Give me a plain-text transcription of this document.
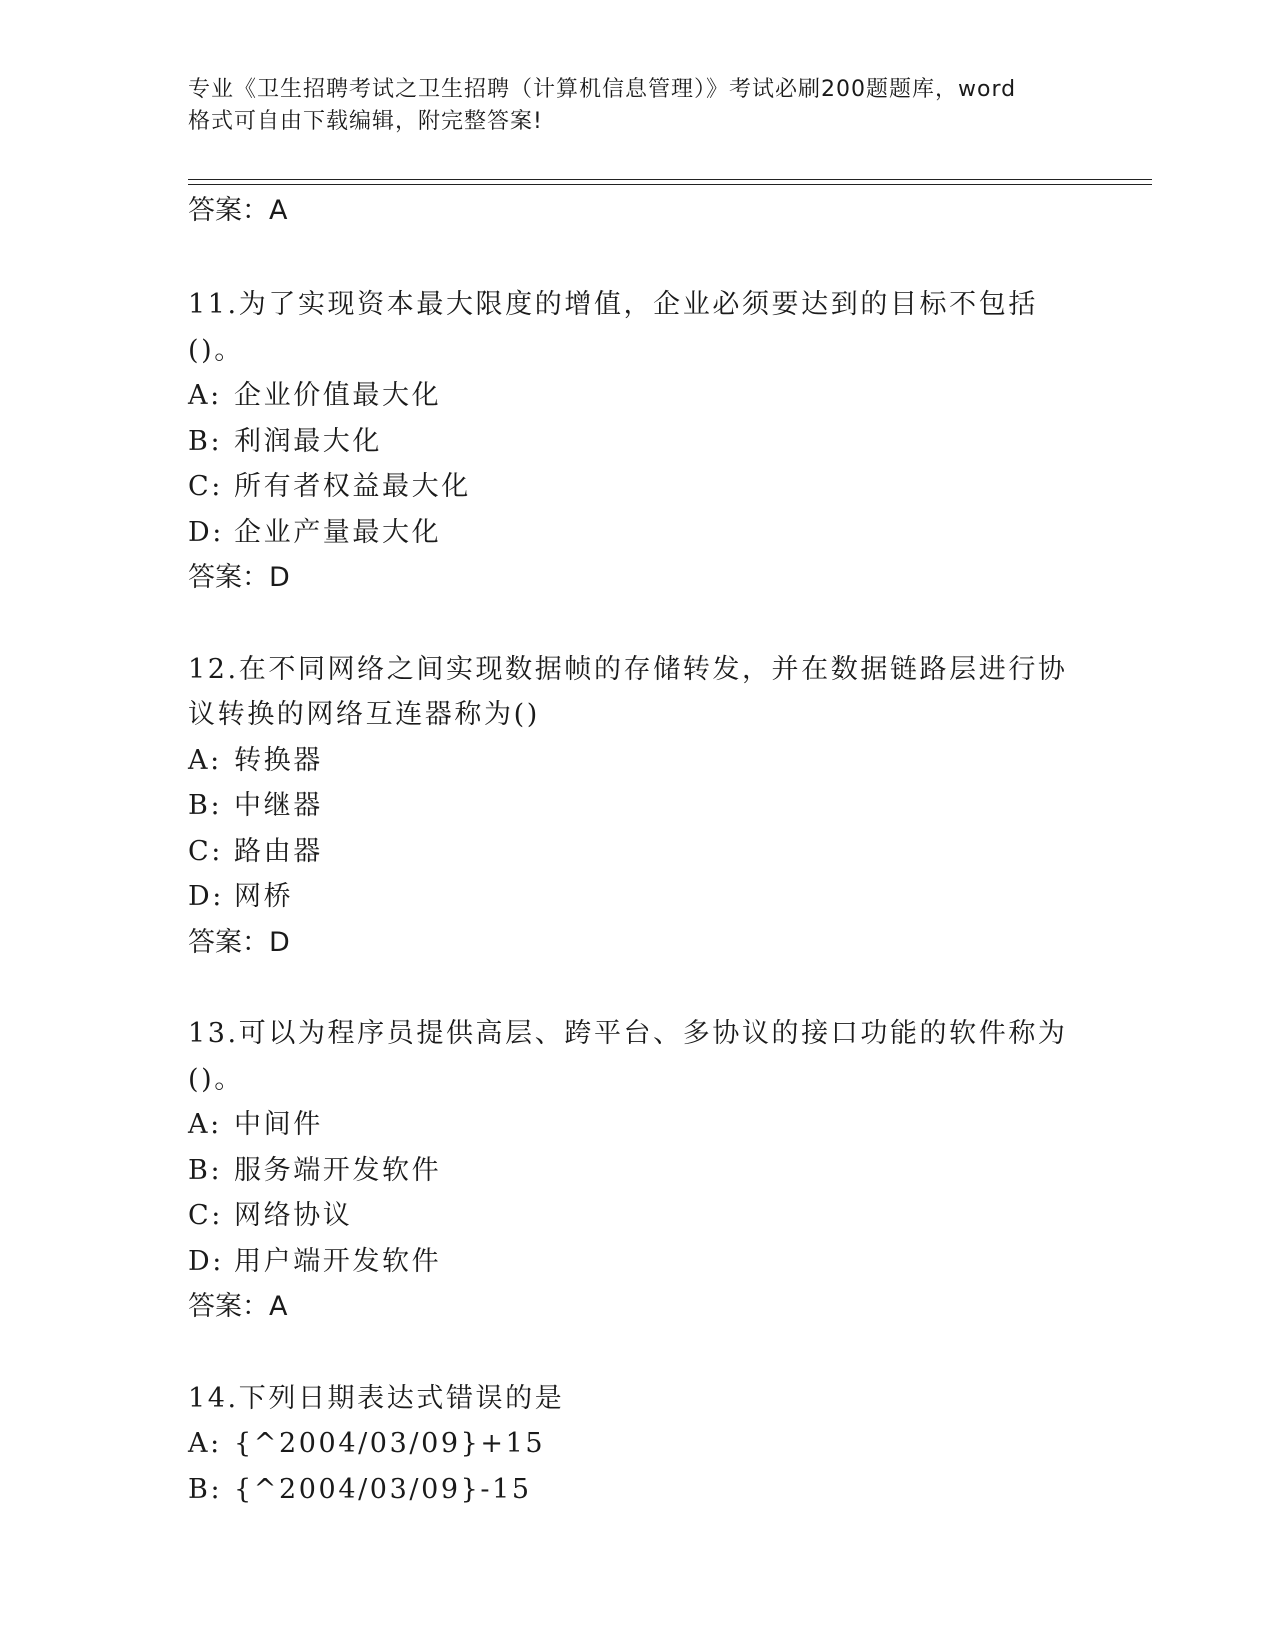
专业《卫生招聘考试之卫生招聘（计算机信息管理）》考试必刷200题题库，word
格式可自由下载编辑，附完整答案!
答案：A

11.为了实现资本最大限度的增值，企业必须要达到的目标不包括()。

A: 企业价值最大化
B: 利润最大化
C: 所有者权益最大化
D: 企业产量最大化
答案：D

12.在不同网络之间实现数据帧的存储转发，并在数据链路层进行协议转换的网络互连器称为()

A: 转换器
B: 中继器
C: 路由器
D: 网桥
答案：D

13.可以为程序员提供高层、跨平台、多协议的接口功能的软件称为()。

A: 中间件
B: 服务端开发软件
C: 网络协议
D: 用户端开发软件
答案：A

14.下列日期表达式错误的是

A: {^2004/03/09}+15
B: {^2004/03/09}-15
